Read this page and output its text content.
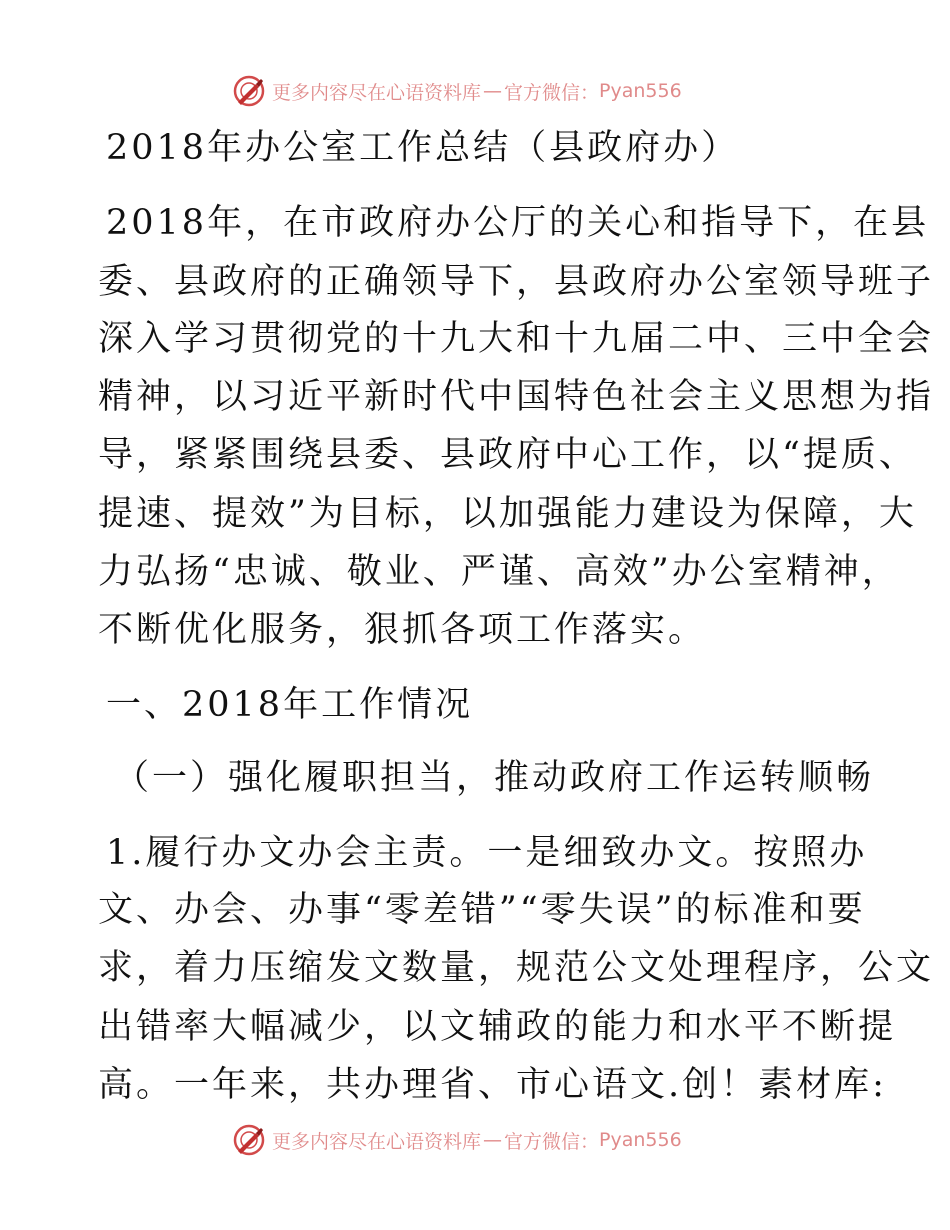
更多内容尽在心语资料库 — 官方微信： Pyan556
2018年办公室工作总结（县政府办）
2018年，在市政府办公厅的关心和指导下，在县
委、县政府的正确领导下，县政府办公室领导班子
深入学习贯彻党的十九大和十九届二中、三中全会
精神，以习近平新时代中国特色社会主义思想为指
导，紧紧围绕县委、县政府中心工作，以“提质、
提速、提效”为目标，以加强能力建设为保障，大
力弘扬“忠诚、敬业、严谨、高效”办公室精神，
不断优化服务，狠抓各项工作落实。
一、2018年工作情况
（一）强化履职担当，推动政府工作运转顺畅
1.履行办文办会主责。一是细致办文。按照办
文、办会、办事“零差错”“零失误”的标准和要
求，着力压缩发文数量，规范公文处理程序，公文
出错率大幅减少，以文辅政的能力和水平不断提
高。一年来，共办理省、市心语文.创！素材库:
更多内容尽在心语资料库 — 官方微信： Pyan556
